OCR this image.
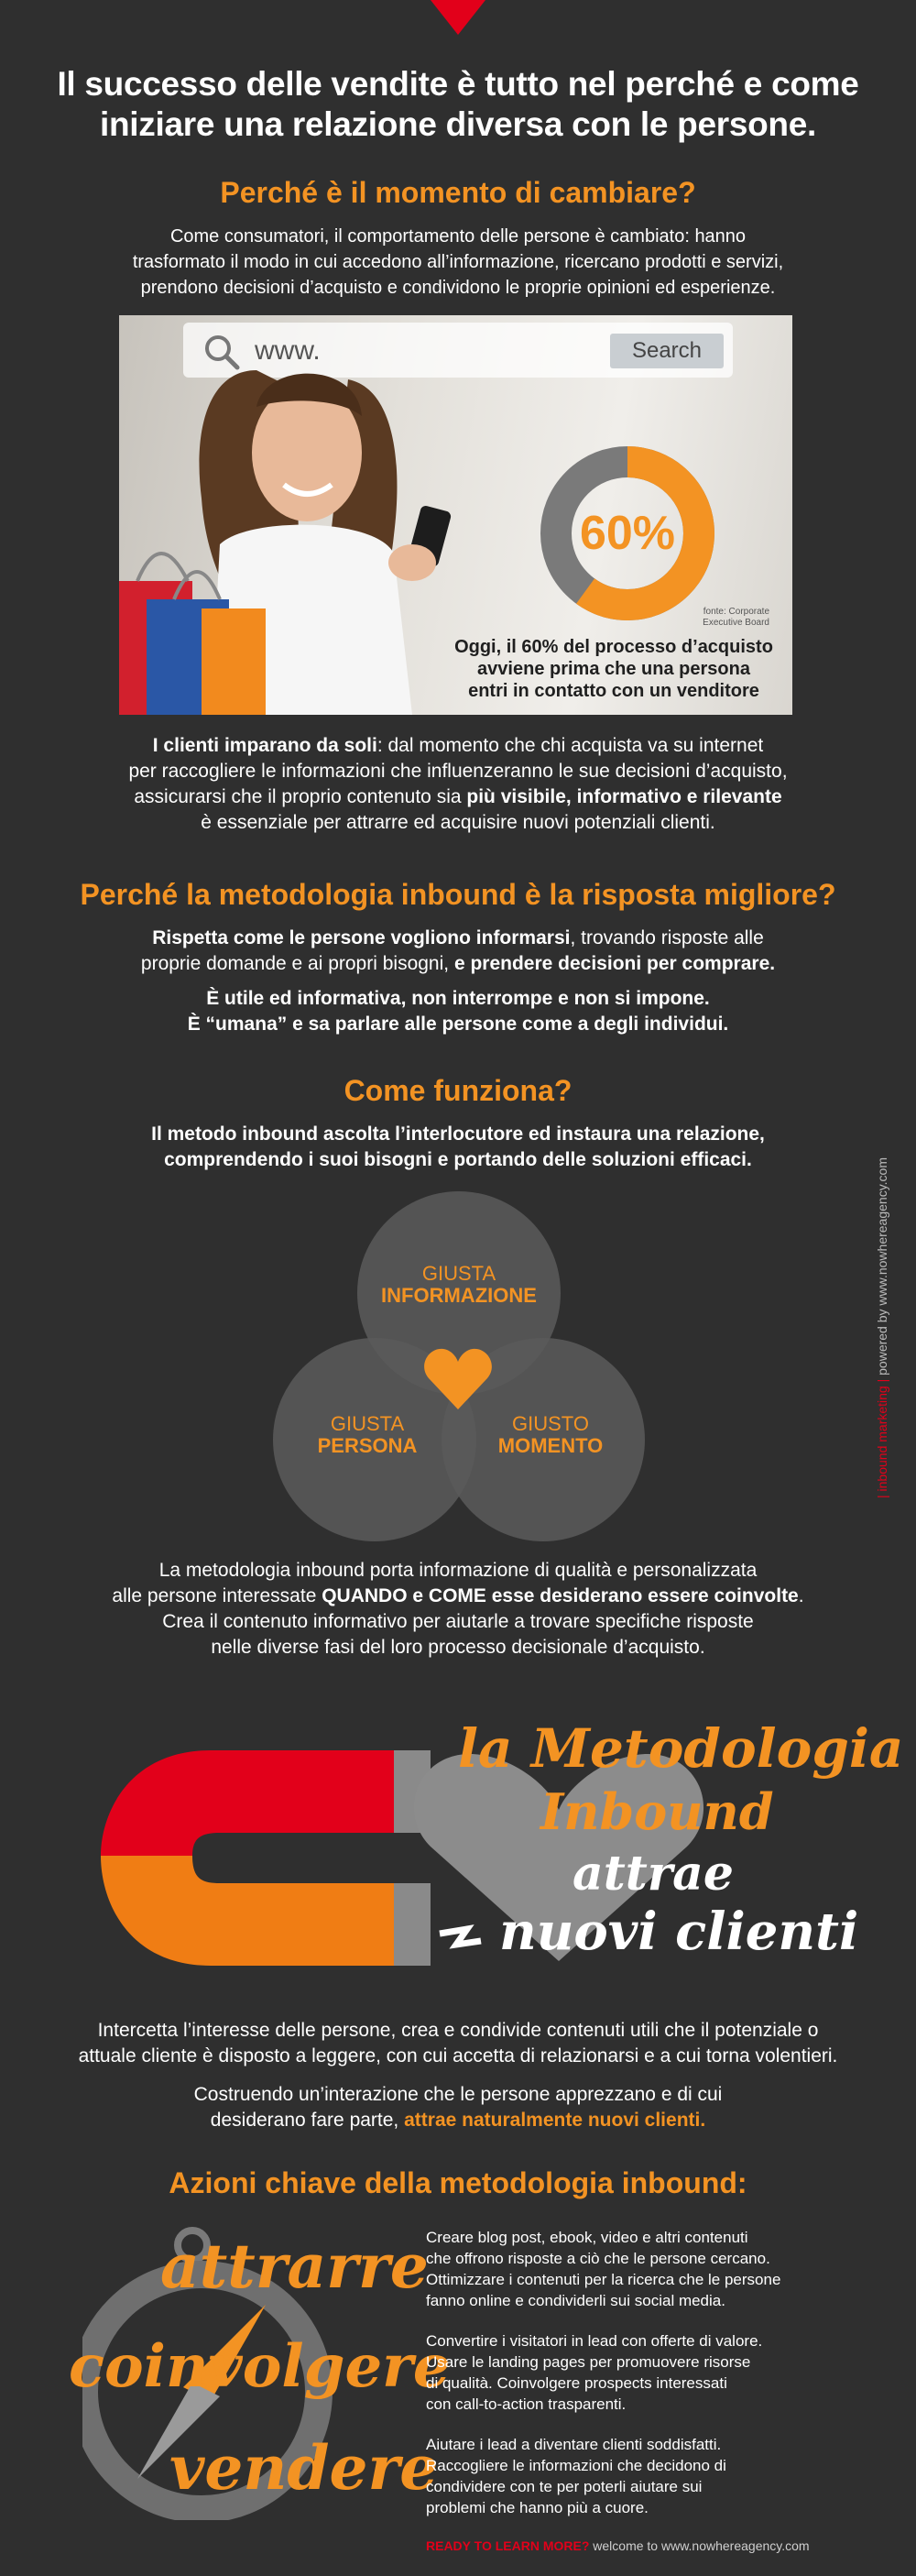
Il successo delle vendite è tutto nel perché e come
iniziare una relazione diversa con le persone.
Perché è il momento di cambiare?
Come consumatori, il comportamento delle persone è cambiato: hanno
trasformato il modo in cui accedono all’informazione, ricercano prodotti e servizi,
prendono decisioni d’acquisto e condividono le proprie opinioni ed esperienze.
www.	Search
60%
fonte: Corporate
Executive Board
Oggi, il 60% del processo d’acquisto
avviene prima che una persona
entri in contatto con un venditore
I clienti imparano da soli: dal momento che chi acquista va su internet
per raccogliere le informazioni che influenzeranno le sue decisioni d’acquisto,
assicurarsi che il proprio contenuto sia più visibile, informativo e rilevante
è essenziale per attrarre ed acquisire nuovi potenziali clienti.
Perché la metodologia inbound è la risposta migliore?
Rispetta come le persone vogliono informarsi, trovando risposte alle
proprie domande e ai propri bisogni, e prendere decisioni per comprare.
È utile ed informativa, non interrompe e non si impone.
È “umana” e sa parlare alle persone come a degli individui.
Come funziona?
Il metodo inbound ascolta l’interlocutore ed instaura una relazione,
comprendendo i suoi bisogni e portando delle soluzioni efficaci.
GIUSTA
INFORMAZIONE
GIUSTA
PERSONA
GIUSTO
MOMENTO
La metodologia inbound porta informazione di qualità e personalizzata
alle persone interessate QUANDO e COME esse desiderano essere coinvolte.
Crea il contenuto informativo per aiutarle a trovare specifiche risposte
nelle diverse fasi del loro processo decisionale d’acquisto.
la Metodologia
Inbound
attrae
nuovi clienti
Intercetta l’interesse delle persone, crea e condivide contenuti utili che il potenziale o
attuale cliente è disposto a leggere, con cui accetta di relazionarsi e a cui torna volentieri.
Costruendo un’interazione che le persone apprezzano e di cui
desiderano fare parte, attrae naturalmente nuovi clienti.
Azioni chiave della metodologia inbound:
attrarre
coinvolgere
vendere
Creare blog post, ebook, video e altri contenuti
che offrono risposte a ciò che le persone cercano.
Ottimizzare i contenuti per la ricerca che le persone
fanno online e condividerli sui social media.
Convertire i visitatori in lead con offerte di valore.
Usare le landing pages per promuovere risorse
di qualità. Coinvolgere prospects interessati
con call-to-action trasparenti.
Aiutare i lead a diventare clienti soddisfatti.
Raccogliere le informazioni che decidono di
condividere con te per poterli aiutare sui
problemi che hanno più a cuore.
READY TO LEARN MORE? welcome to www.nowhereagency.com
| inbound marketing | powered by www.nowhereagency.com
